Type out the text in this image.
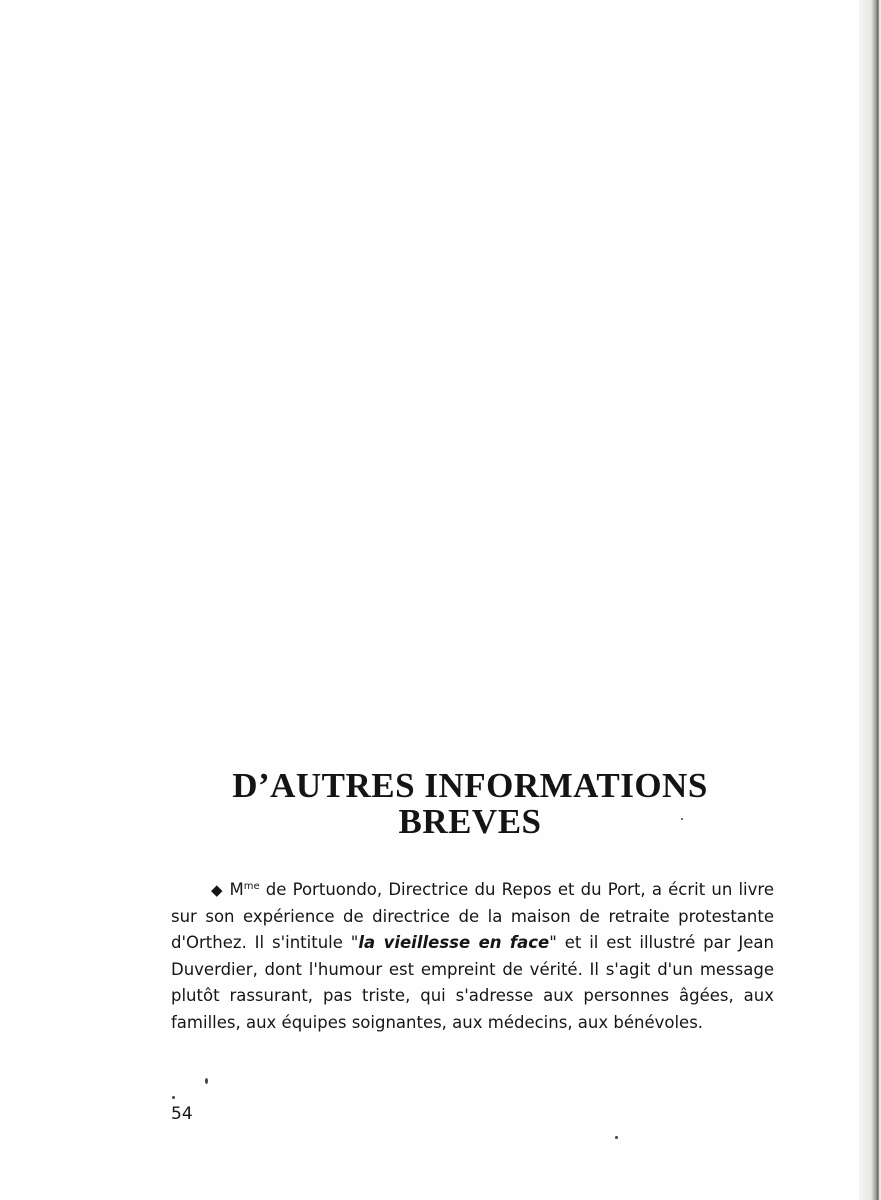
D’AUTRES INFORMATIONS
BREVES

◆ $M^{me}$ de Portuondo, Directrice du Repos et du Port, a écrit un livre sur son expérience de directrice de la maison de retraite protestante d'Orthez. Il s'intitule "la vieillesse en face" et il est illustré par Jean Duverdier, dont l'humour est empreint de vérité. Il s'agit d'un message plutôt rassurant, pas triste, qui s'adresse aux personnes âgées, aux familles, aux équipes soignantes, aux médecins, aux bénévoles.

54
